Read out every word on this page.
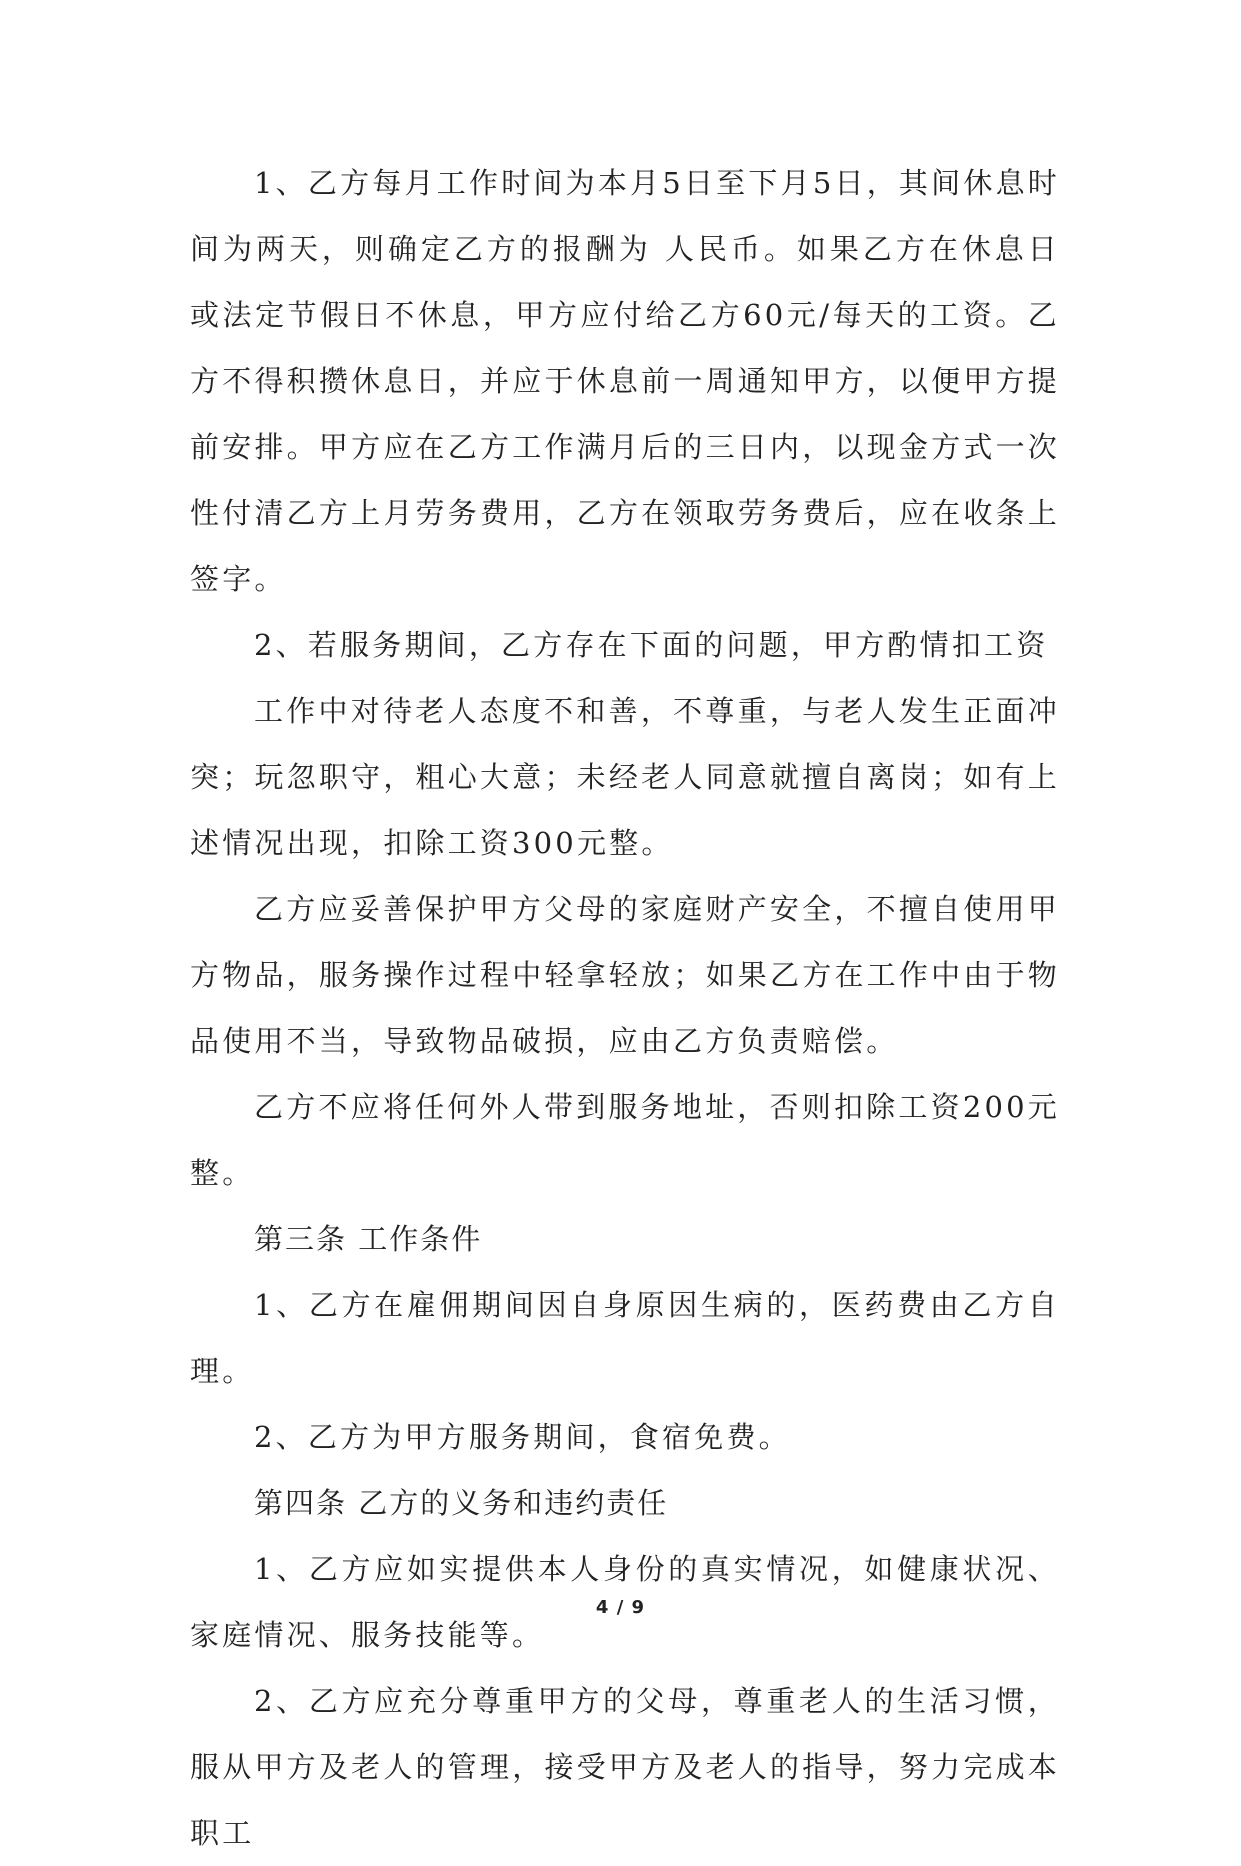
1、乙方每月工作时间为本月5日至下月5日，其间休息时间为两天，则确定乙方的报酬为 人民币。如果乙方在休息日或法定节假日不休息，甲方应付给乙方60元/每天的工资。乙方不得积攒休息日，并应于休息前一周通知甲方，以便甲方提前安排。甲方应在乙方工作满月后的三日内，以现金方式一次性付清乙方上月劳务费用，乙方在领取劳务费后，应在收条上签字。

2、若服务期间，乙方存在下面的问题，甲方酌情扣工资

工作中对待老人态度不和善，不尊重，与老人发生正面冲突；玩忽职守，粗心大意；未经老人同意就擅自离岗；如有上述情况出现，扣除工资300元整。

乙方应妥善保护甲方父母的家庭财产安全，不擅自使用甲方物品，服务操作过程中轻拿轻放；如果乙方在工作中由于物品使用不当，导致物品破损，应由乙方负责赔偿。

乙方不应将任何外人带到服务地址，否则扣除工资200元整。

第三条 工作条件

1、乙方在雇佣期间因自身原因生病的，医药费由乙方自理。

2、乙方为甲方服务期间，食宿免费。

第四条 乙方的义务和违约责任

1、乙方应如实提供本人身份的真实情况，如健康状况、家庭情况、服务技能等。

2、乙方应充分尊重甲方的父母，尊重老人的生活习惯，服从甲方及老人的管理，接受甲方及老人的指导，努力完成本职工

4 / 9
